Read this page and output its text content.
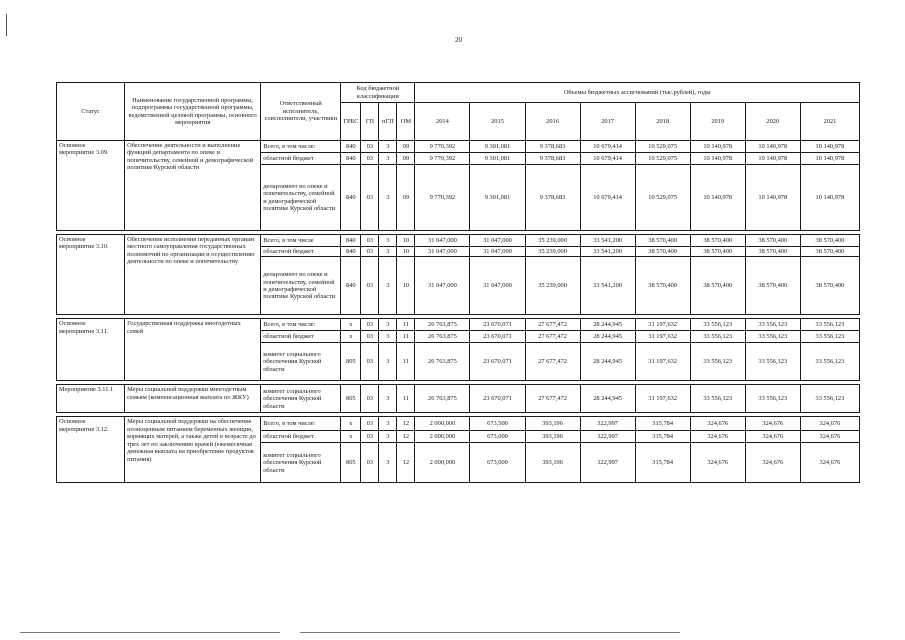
20
Статус	Наименование государственной программы, подпрограммы государственной программы, ведомственной целевой программы, основного мероприятия	Ответственный исполнитель, соисполнители, участники	Код бюджетной классификации				Объемы бюджетных ассигнований (тыс.рублей), годы							
			ГРБС	ГП	пГП	ОМ	2014	2015	2016	2017	2018	2019	2020	2021
Основное мероприятие 3.09.	Обеспечение деятельности и выполнение функций департамента по опеке и попечительству, семейной и демографической политике Курской области	Всего, в том числе:	840	03	3	09	9 770,392	9 301,081	9 378,683	10 679,414	10 529,075	10 140,978	10 140,978	10 140,978
		областной бюджет	840	03	3	09	9 770,392	9 301,081	9 378,683	10 679,414	10 529,075	10 140,978	10 140,978	10 140,978
		департамент по опеке и попечительству, семейной и демографической политике Курской области	840	03	3	09	9 770,392	9 301,081	9 378,683	10 679,414	10 529,075	10 140,978	10 140,978	10 140,978

Основное мероприятие 3.10.	Обеспечение исполнения переданных органам местного самоуправления государственных полномочий по организации и осуществлению деятельности по опеке и попечительству	Всего, в том числе	840	03	3	10	31 047,000	31 047,000	35 239,000	33 541,200	38 570,400	38 570,400	38 570,400	38 570,400
		областной бюджет	840	03	3	10	31 047,000	31 047,000	35 239,000	33 541,200	38 570,400	38 570,400	38 570,400	38 570,400
		департамент по опеке и попечительству, семейной и демографической политике Курской области	840	03	3	10	31 047,000	31 047,000	35 239,000	33 541,200	38 570,400	38 570,400	38 570,400	38 570,400

Основное мероприятие 3.11.	Государственная поддержка многодетных семей	Всего, в том числе:	х	03	3	11	26 763,875	23 670,071	27 677,472	28 244,945	31 197,632	33 556,123	33 556,123	33 556,123
		областной бюджет	х	03	3	11	26 763,875	23 670,071	27 677,472	28 244,945	31 197,632	33 556,123	33 556,123	33 556,123
		комитет социального обеспечения Курской области	805	03	3	11	26 763,875	23 670,071	27 677,472	28 244,945	31 197,632	33 556,123	33 556,123	33 556,123

Мероприятие 3.11.1	Меры социальной поддержки многодетным семьям (компенсационная выплата по ЖКУ)	комитет социального обеспечения Курской области	805	03	3	11	26 763,875	23 670,071	27 677,472	28 244,945	31 197,632	33 556,123	33 556,123	33 556,123

Основное мероприятие 3.12.	Меры социальной поддержки на обеспечение полноценным питанием беременных женщин, кормящих матерей, а также детей в возрасте до трех лет по заключению врачей (ежемесячная денежная выплата на приобретение продуктов питания)	Всего, в том числе:	х	03	3	12	2 000,000	673,500	393,196	322,997	315,784	324,676	324,676	324,676
		областной бюджет	х	03	3	12	2 000,000	673,000	393,196	322,997	315,784	324,676	324,676	324,676
		комитет социального обеспечения Курской области	805	03	3	12	2 000,000	673,000	393,196	322,997	315,784	324,676	324,676	324,676
